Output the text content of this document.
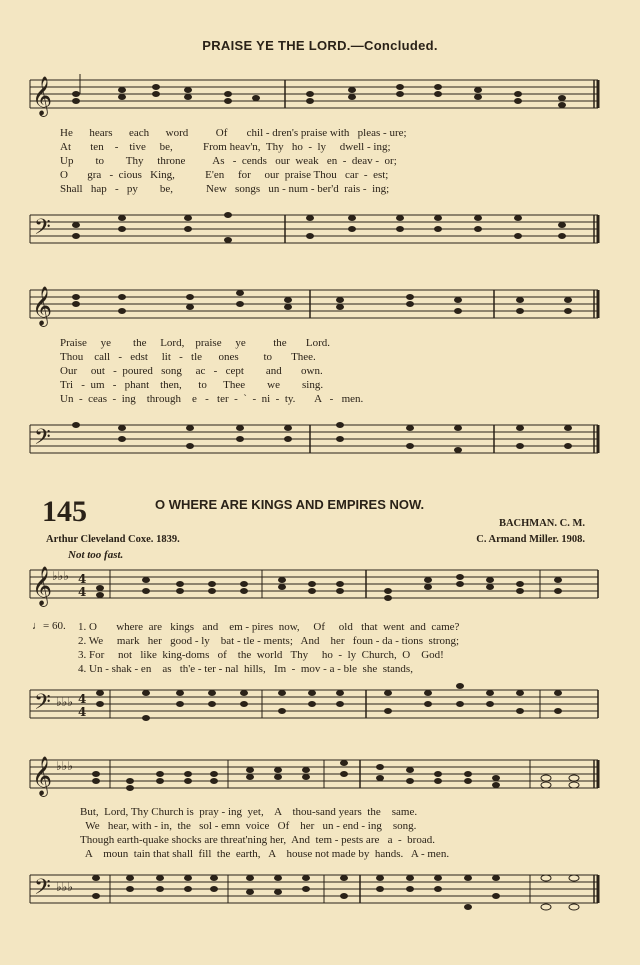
PRAISE YE THE LORD.—Concluded.
𝄞
He      hears      each      word          Of       chil - dren's praise with   pleas - ure;
At       ten    -    tive     be,           From heav'n,  Thy   ho  -  ly     dwell - ing;
Up        to        Thy     throne          As   -  cends   our  weak   en  -  deav -  or;
O       gra   -  cious   King,           E'en     for     our  praise Thou   car  -  est;
Shall   hap   -   py        be,            New   songs   un - num - ber'd  rais -  ing;
𝄢
𝄞
Praise     ye        the     Lord,    praise     ye          the       Lord.
Thou    call   -   edst     lit   -   tle      ones         to       Thee.
Our     out   -  poured   song     ac   -   cept        and       own.
Tri   -  um   -   phant    then,      to      Thee        we        sing.
Un  -  ceas  -  ing    through    e   -   ter  -  `  -  ni  -  ty.       A   -   men.
𝄢
145	O WHERE ARE KINGS AND EMPIRES NOW.
BACHMAN. C. M.
Arthur Cleveland Coxe. 1839.	C. Armand Miller. 1908.
Not too fast.
𝄞 ♭♭♭ 4
4
♩= 60. 1. O       where  are   kings   and    em - pires  now,     Of     old   that  went  and  came?
2. We     mark   her   good - ly    bat - tle - ments;   And    her   foun - da - tions  strong;
3. For     not   like  king-doms   of    the  world   Thy     ho  -  ly  Church,  O    God!
4. Un - shak - en    as   th'e - ter - nal  hills,   Im  -  mov - a - ble  she  stands,
𝄢 ♭♭♭ 4
4
𝄞 ♭♭♭
But,  Lord, Thy Church is  pray - ing  yet,    A    thou-sand years  the    same.
We   hear, with - in,  the   sol - emn  voice   Of    her   un - end - ing    song.
Though earth-quake shocks are threat'ning her,  And  tem - pests are   a  -  broad.
A    moun  tain that shall  fill  the  earth,   A    house not made by  hands.   A - men.
𝄢 ♭♭♭
